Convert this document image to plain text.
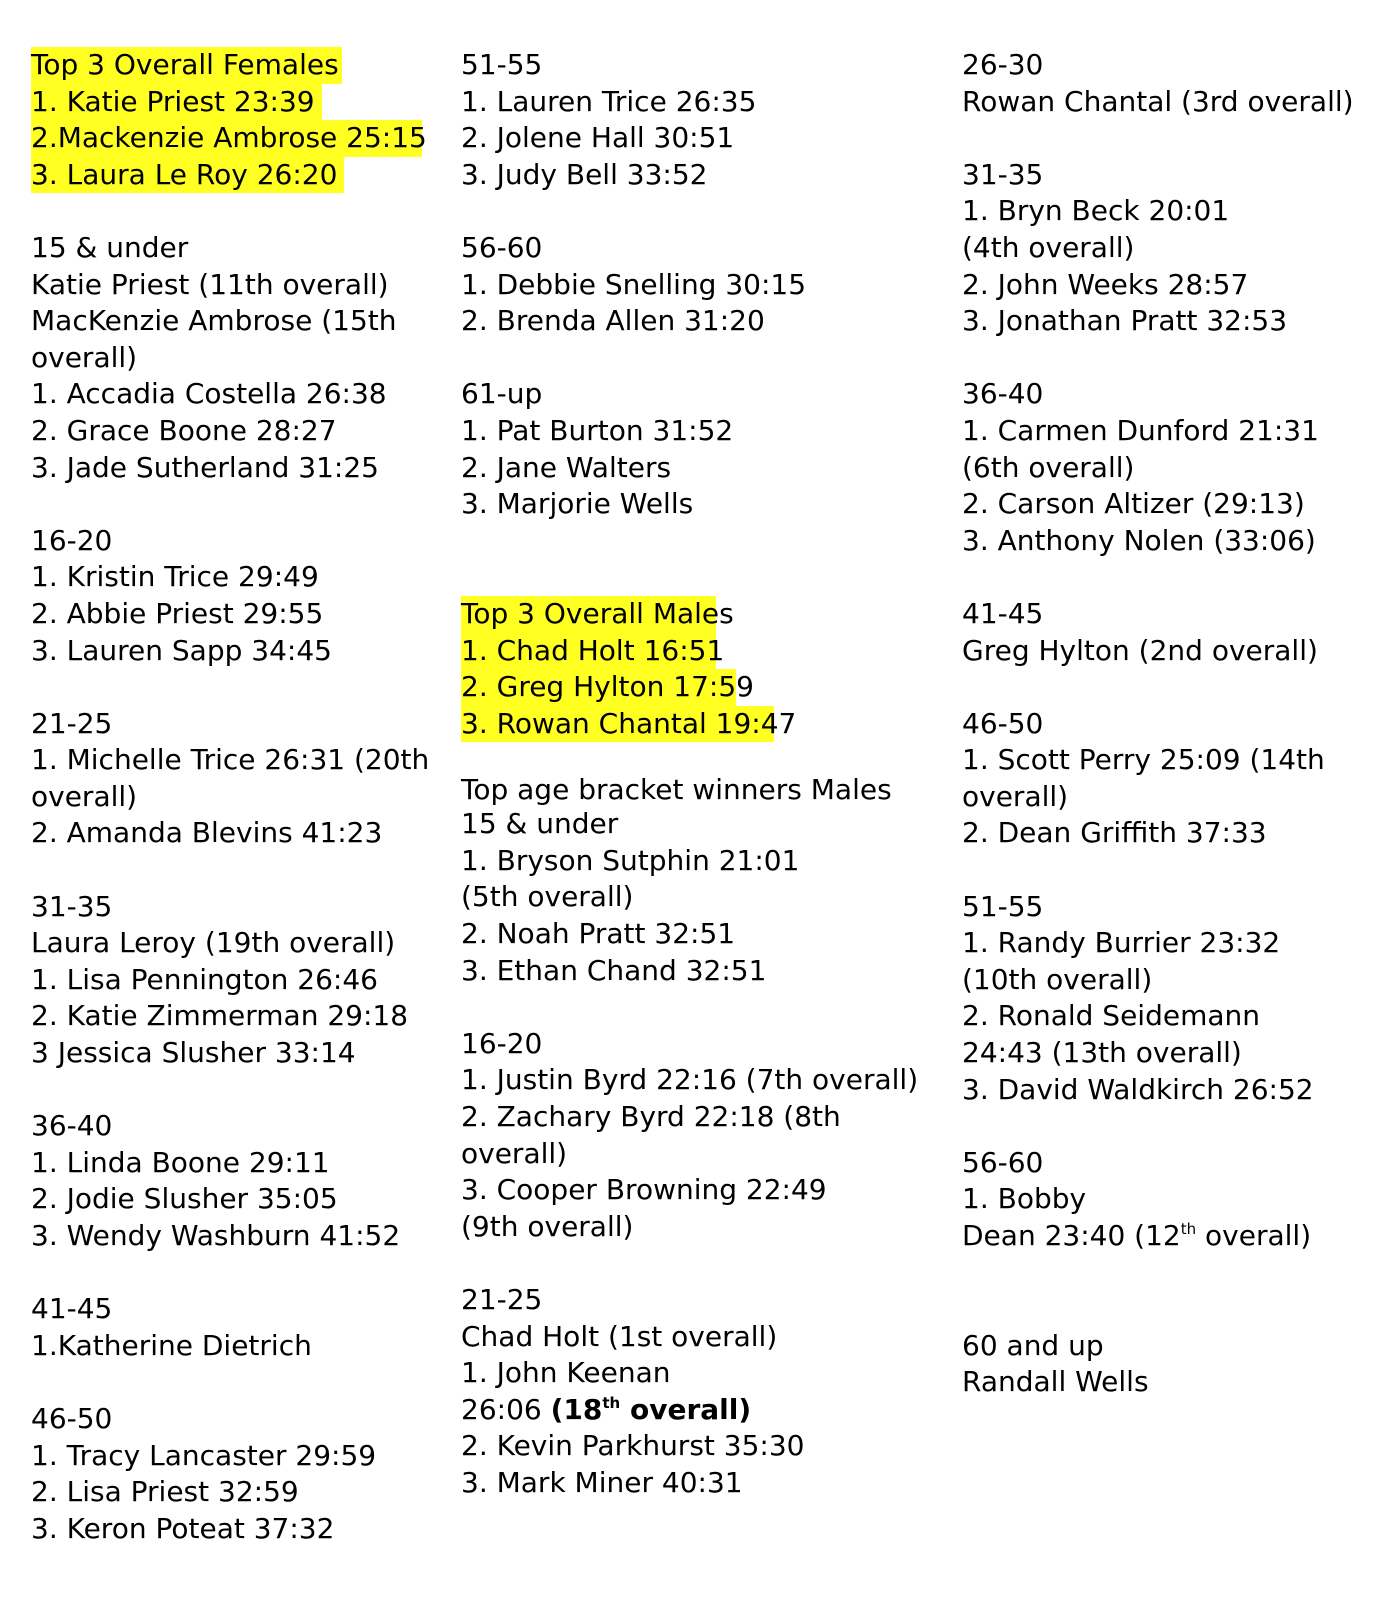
Top 3 Overall Females
1. Katie Priest 23:39
2.Mackenzie Ambrose 25:15
3. Laura Le Roy 26:20
15 & under
Katie Priest (11th overall)
MacKenzie Ambrose (15th overall)
1. Accadia Costella 26:38
2. Grace Boone 28:27
3. Jade Sutherland 31:25
16-20
1. Kristin Trice 29:49
2. Abbie Priest 29:55
3. Lauren Sapp 34:45
21-25
1. Michelle Trice 26:31 (20th overall)
2. Amanda Blevins 41:23
31-35
Laura Leroy (19th overall)
1. Lisa Pennington 26:46
2. Katie Zimmerman 29:18
3 Jessica Slusher 33:14
36-40
1. Linda Boone 29:11
2. Jodie Slusher 35:05
3. Wendy Washburn 41:52
41-45
1.Katherine Dietrich
46-50
1. Tracy Lancaster 29:59
2. Lisa Priest 32:59
3. Keron Poteat 37:32
51-55
1. Lauren Trice 26:35
2. Jolene Hall 30:51
3. Judy Bell 33:52
56-60
1. Debbie Snelling 30:15
2. Brenda Allen 31:20
61-up
1. Pat Burton 31:52
2. Jane Walters
3. Marjorie Wells
Top 3 Overall Males
1. Chad Holt 16:51
2. Greg Hylton 17:59
3. Rowan Chantal 19:47
Top age bracket winners Males
15 & under
1. Bryson Sutphin 21:01 (5th overall)
2. Noah Pratt 32:51
3. Ethan Chand 32:51
16-20
1. Justin Byrd 22:16 (7th overall)
2. Zachary Byrd 22:18 (8th overall)
3. Cooper Browning 22:49 (9th overall)
21-25
Chad Holt (1st overall)
1. John Keenan
26:06 (18th overall)
2. Kevin Parkhurst 35:30
3. Mark Miner 40:31
26-30
Rowan Chantal (3rd overall)
31-35
1. Bryn Beck 20:01 (4th overall)
2. John Weeks 28:57
3. Jonathan Pratt 32:53
36-40
1. Carmen Dunford 21:31 (6th overall)
2. Carson Altizer (29:13)
3. Anthony Nolen (33:06)
41-45
Greg Hylton (2nd overall)
46-50
1. Scott Perry 25:09 (14th overall)
2. Dean Griffith 37:33
51-55
1. Randy Burrier 23:32 (10th overall)
2. Ronald Seidemann 24:43 (13th overall)
3. David Waldkirch 26:52
56-60
1. Bobby
Dean 23:40 (12th overall)
60 and up
Randall Wells
